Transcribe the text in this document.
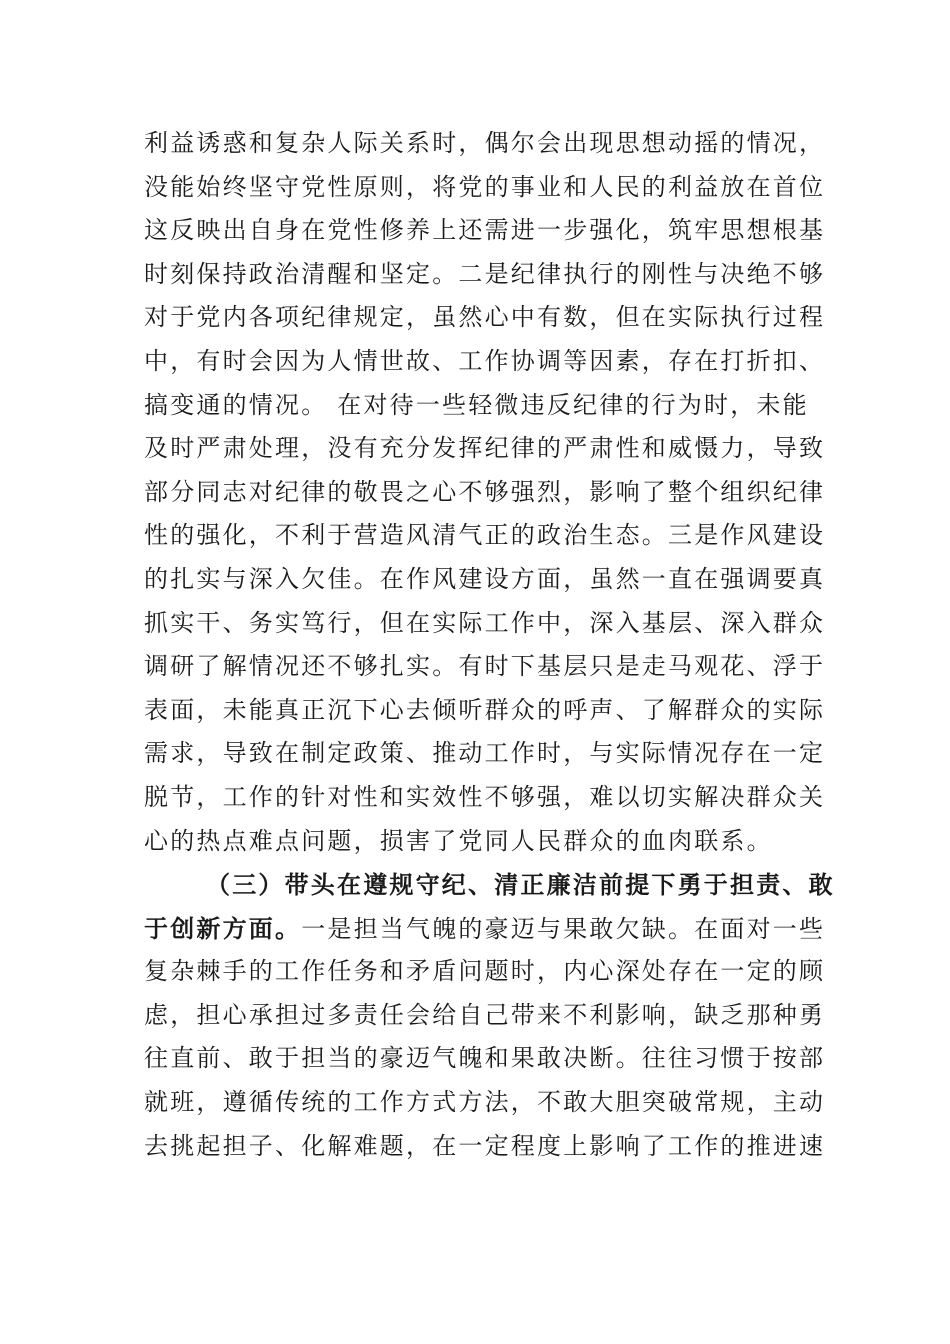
利益诱惑和复杂人际关系时，偶尔会出现思想动摇的情况，
没能始终坚守党性原则，将党的事业和人民的利益放在首位
这反映出自身在党性修养上还需进一步强化，筑牢思想根基
时刻保持政治清醒和坚定。二是纪律执行的刚性与决绝不够
对于党内各项纪律规定，虽然心中有数，但在实际执行过程
中，有时会因为人情世故、工作协调等因素，存在打折扣、
搞变通的情况。 在对待一些轻微违反纪律的行为时，未能
及时严肃处理，没有充分发挥纪律的严肃性和威慑力，导致
部分同志对纪律的敬畏之心不够强烈，影响了整个组织纪律
性的强化，不利于营造风清气正的政治生态。三是作风建设
的扎实与深入欠佳。在作风建设方面，虽然一直在强调要真
抓实干、务实笃行，但在实际工作中，深入基层、深入群众
调研了解情况还不够扎实。有时下基层只是走马观花、浮于
表面，未能真正沉下心去倾听群众的呼声、了解群众的实际
需求，导致在制定政策、推动工作时，与实际情况存在一定
脱节，工作的针对性和实效性不够强，难以切实解决群众关
心的热点难点问题，损害了党同人民群众的血肉联系。
（三）带头在遵规守纪、清正廉洁前提下勇于担责、敢
于创新方面。一是担当气魄的豪迈与果敢欠缺。在面对一些
复杂棘手的工作任务和矛盾问题时，内心深处存在一定的顾
虑，担心承担过多责任会给自己带来不利影响，缺乏那种勇
往直前、敢于担当的豪迈气魄和果敢决断。往往习惯于按部
就班，遵循传统的工作方式方法，不敢大胆突破常规，主动
去挑起担子、化解难题，在一定程度上影响了工作的推进速
